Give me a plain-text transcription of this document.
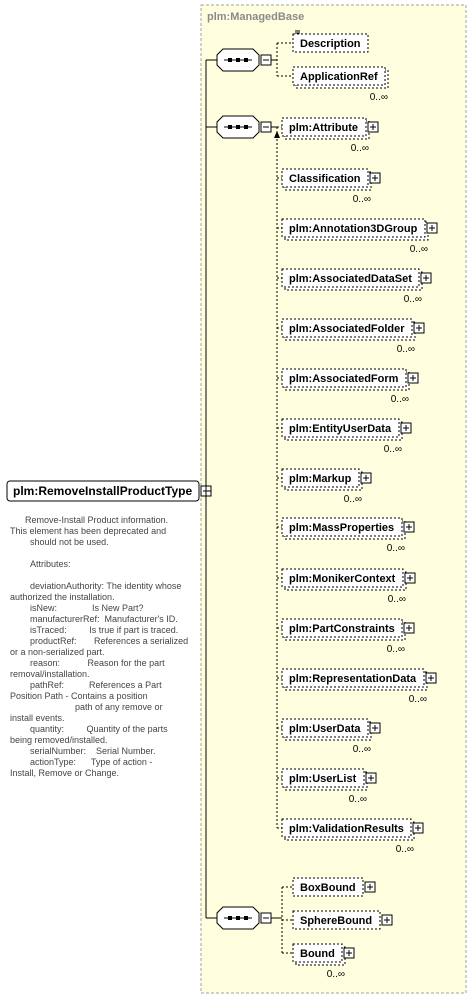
plm:RemoveInstallProductType
Description
ApplicationRef
0..∞
plm:Attribute
0..∞
Classification
0..∞
plm:Annotation3DGroup
0..∞
plm:AssociatedDataSet
0..∞
plm:AssociatedFolder
0..∞
plm:AssociatedForm
0..∞
plm:EntityUserData
0..∞
plm:Markup
0..∞
plm:MassProperties
0..∞
plm:MonikerContext
0..∞
plm:PartConstraints
0..∞
plm:RepresentationData
0..∞
plm:UserData
0..∞
plm:UserList
0..∞
plm:ValidationResults
0..∞
BoxBound
SphereBound
Bound
0..∞
plm:ManagedBase
Remove-Install Product information.
This element has been deprecated and
should not be used.

Attributes:

deviationAuthority: The identity whose
authorized the installation.
isNew:              Is New Part?
manufacturerRef:  Manufacturer's ID.
isTraced:         Is true if part is traced.
productRef:       References a serialized
or a non-serialized part.
reason:           Reason for the part
removal/installation.
pathRef:          References a Part
Position Path - Contains a position
path of any remove or
install events.
quantity:         Quantity of the parts
being removed/installed.
serialNumber:    Serial Number.
actionType:      Type of action -
Install, Remove or Change.
